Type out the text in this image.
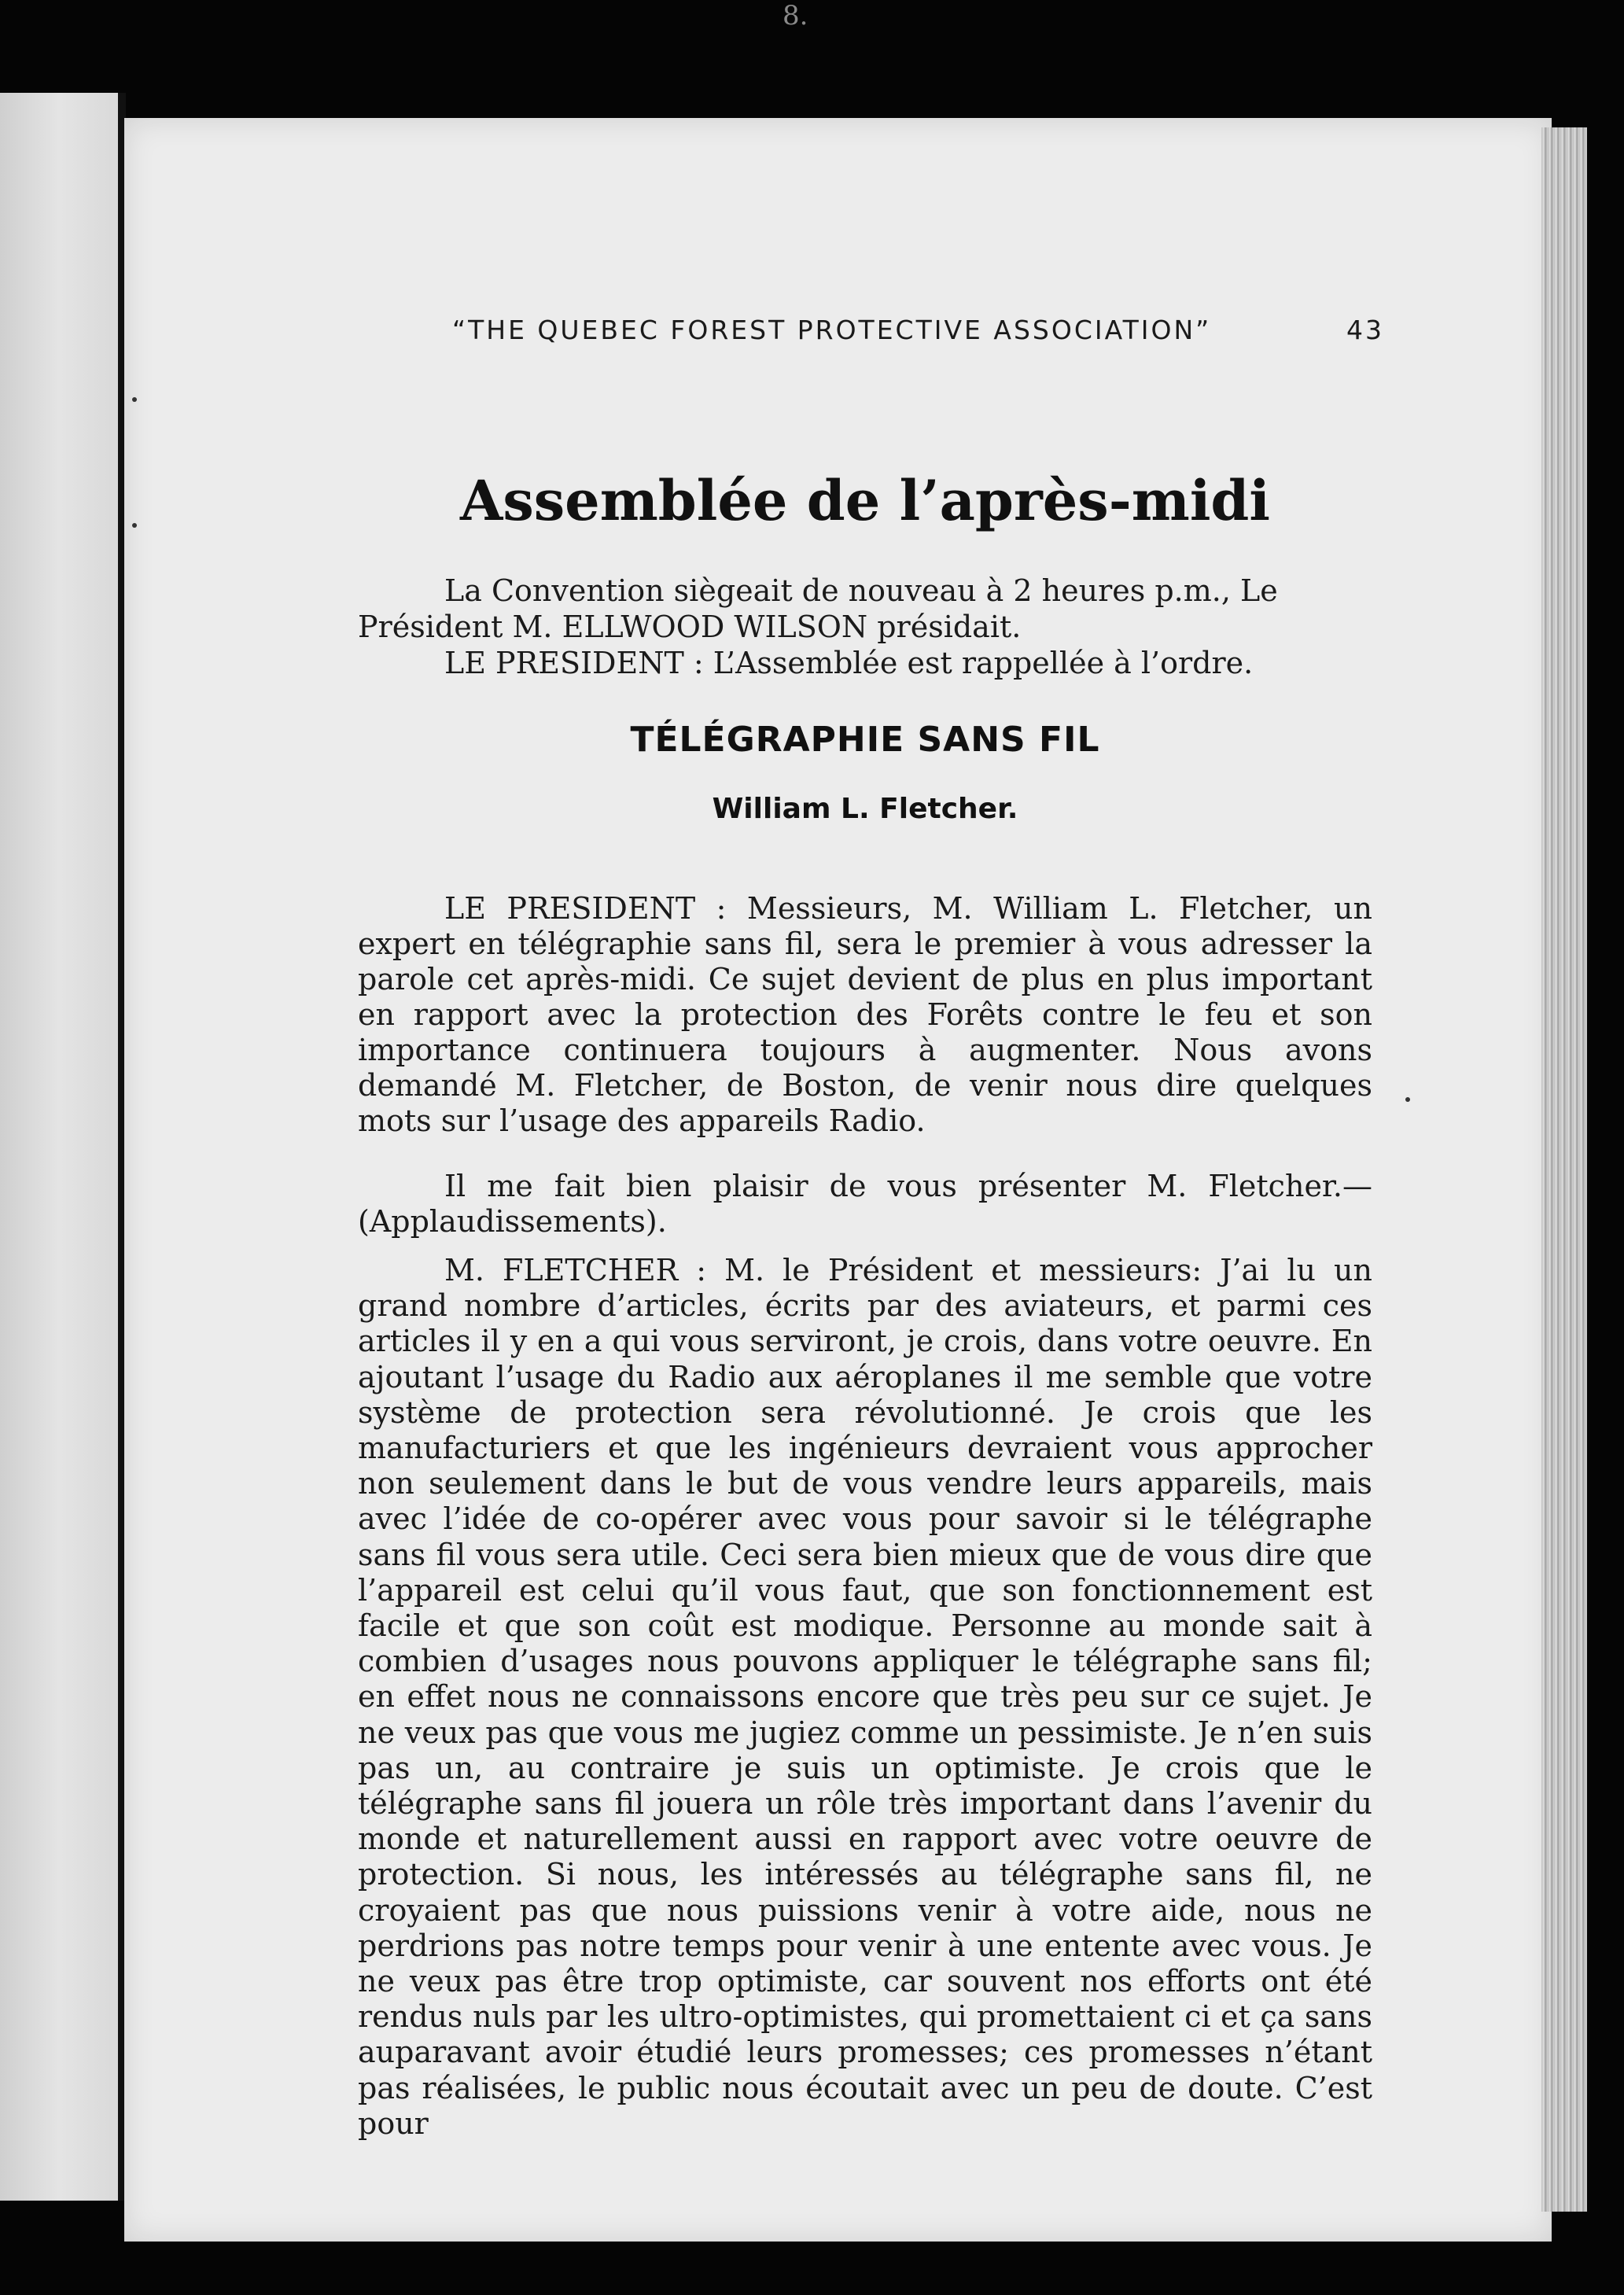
8.
“THE QUEBEC FOREST PROTECTIVE ASSOCIATION”	43
Assemblée de l’après-midi

La Convention siègeait de nouveau à 2 heures p.m., Le Président M. ELLWOOD WILSON présidait.

LE PRESIDENT : L’Assemblée est rappellée à l’ordre.

TÉLÉGRAPHIE SANS FIL
William L. Fletcher.

LE PRESIDENT : Messieurs, M. William L. Fletcher, un expert en télégraphie sans fil, sera le premier à vous adresser la parole cet après-midi. Ce sujet devient de plus en plus important en rapport avec la protection des Forêts contre le feu et son importance continuera toujours à augmenter. Nous avons demandé M. Fletcher, de Boston, de venir nous dire quelques mots sur l’usage des appareils Radio.

Il me fait bien plaisir de vous présenter M. Fletcher.— (Applaudissements).

M. FLETCHER : M. le Président et messieurs: J’ai lu un grand nombre d’articles, écrits par des aviateurs, et parmi ces articles il y en a qui vous serviront, je crois, dans votre oeuvre. En ajoutant l’usage du Radio aux aéroplanes il me semble que votre système de protection sera révolutionné. Je crois que les manufacturiers et que les ingénieurs devraient vous approcher non seulement dans le but de vous vendre leurs appareils, mais avec l’idée de co-opérer avec vous pour savoir si le télégraphe sans fil vous sera utile. Ceci sera bien mieux que de vous dire que l’appareil est celui qu’il vous faut, que son fonctionnement est facile et que son coût est modique. Personne au monde sait à combien d’usages nous pouvons appliquer le télégraphe sans fil; en effet nous ne connaissons encore que très peu sur ce sujet. Je ne veux pas que vous me jugiez comme un pessimiste. Je n’en suis pas un, au contraire je suis un optimiste. Je crois que le télégraphe sans fil jouera un rôle très important dans l’avenir du monde et naturellement aussi en rapport avec votre oeuvre de protection. Si nous, les intéressés au télégraphe sans fil, ne croyaient pas que nous puissions venir à votre aide, nous ne perdrions pas notre temps pour venir à une entente avec vous. Je ne veux pas être trop optimiste, car souvent nos efforts ont été rendus nuls par les ultro-optimistes, qui promettaient ci et ça sans auparavant avoir étudié leurs promesses; ces promesses n’étant pas réalisées, le public nous écoutait avec un peu de doute. C’est pour
